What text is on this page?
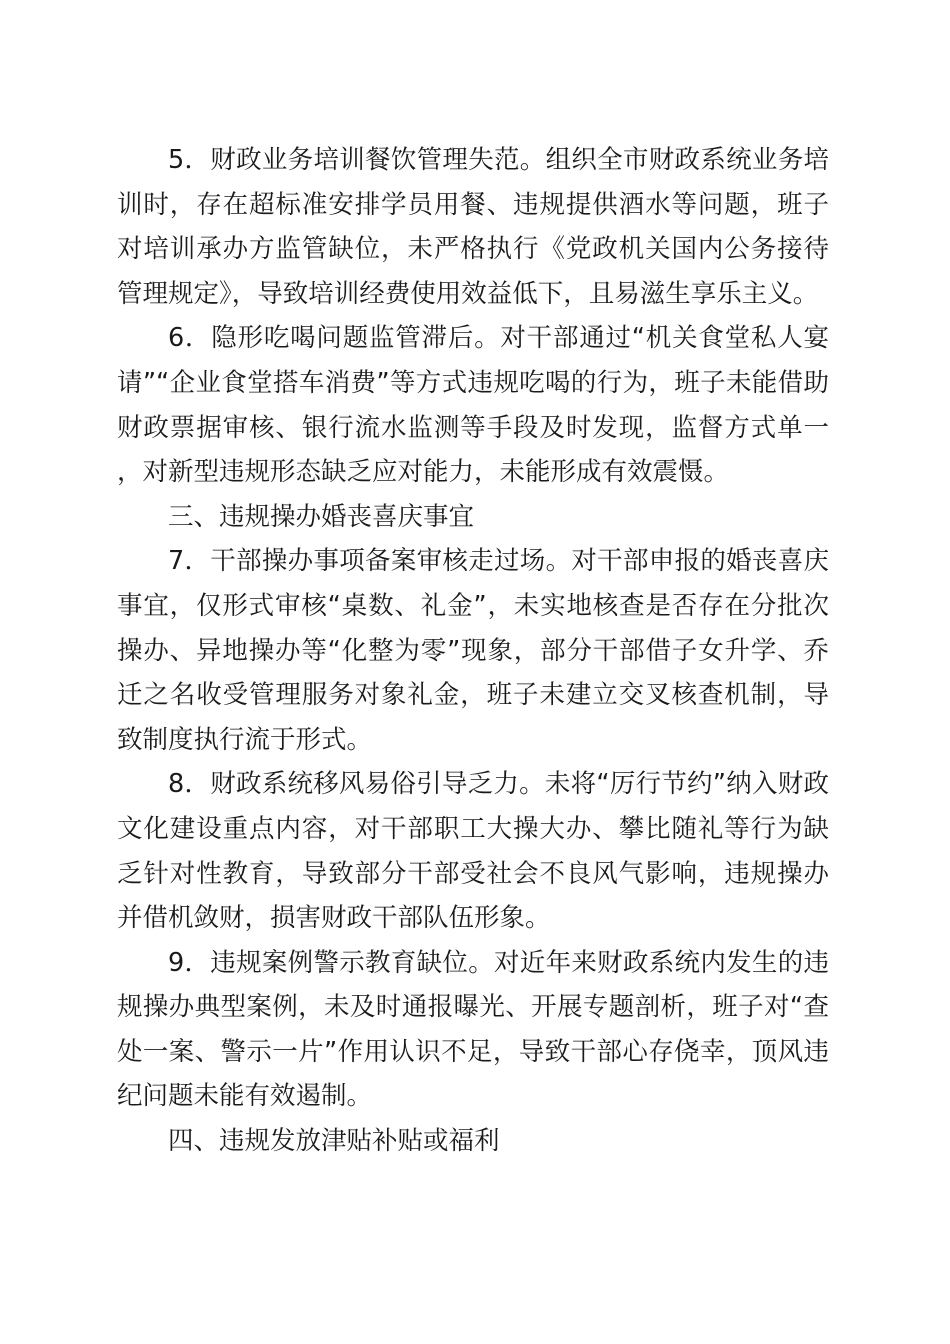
5．财政业务培训餐饮管理失范。组织全市财政系统业务培训时，存在超标准安排学员用餐、违规提供酒水等问题，班子对培训承办方监管缺位，未严格执行《党政机关国内公务接待管理规定》，导致培训经费使用效益低下，且易滋生享乐主义。

6．隐形吃喝问题监管滞后。对干部通过“机关食堂私人宴请”“企业食堂搭车消费”等方式违规吃喝的行为，班子未能借助财政票据审核、银行流水监测等手段及时发现，监督方式单一，对新型违规形态缺乏应对能力，未能形成有效震慑。

三、违规操办婚丧喜庆事宜

7．干部操办事项备案审核走过场。对干部申报的婚丧喜庆事宜，仅形式审核“桌数、礼金”，未实地核查是否存在分批次操办、异地操办等“化整为零”现象，部分干部借子女升学、乔迁之名收受管理服务对象礼金，班子未建立交叉核查机制，导致制度执行流于形式。

8．财政系统移风易俗引导乏力。未将“厉行节约”纳入财政文化建设重点内容，对干部职工大操大办、攀比随礼等行为缺乏针对性教育，导致部分干部受社会不良风气影响，违规操办并借机敛财，损害财政干部队伍形象。

9．违规案例警示教育缺位。对近年来财政系统内发生的违规操办典型案例，未及时通报曝光、开展专题剖析，班子对“查处一案、警示一片”作用认识不足，导致干部心存侥幸，顶风违纪问题未能有效遏制。

四、违规发放津贴补贴或福利
